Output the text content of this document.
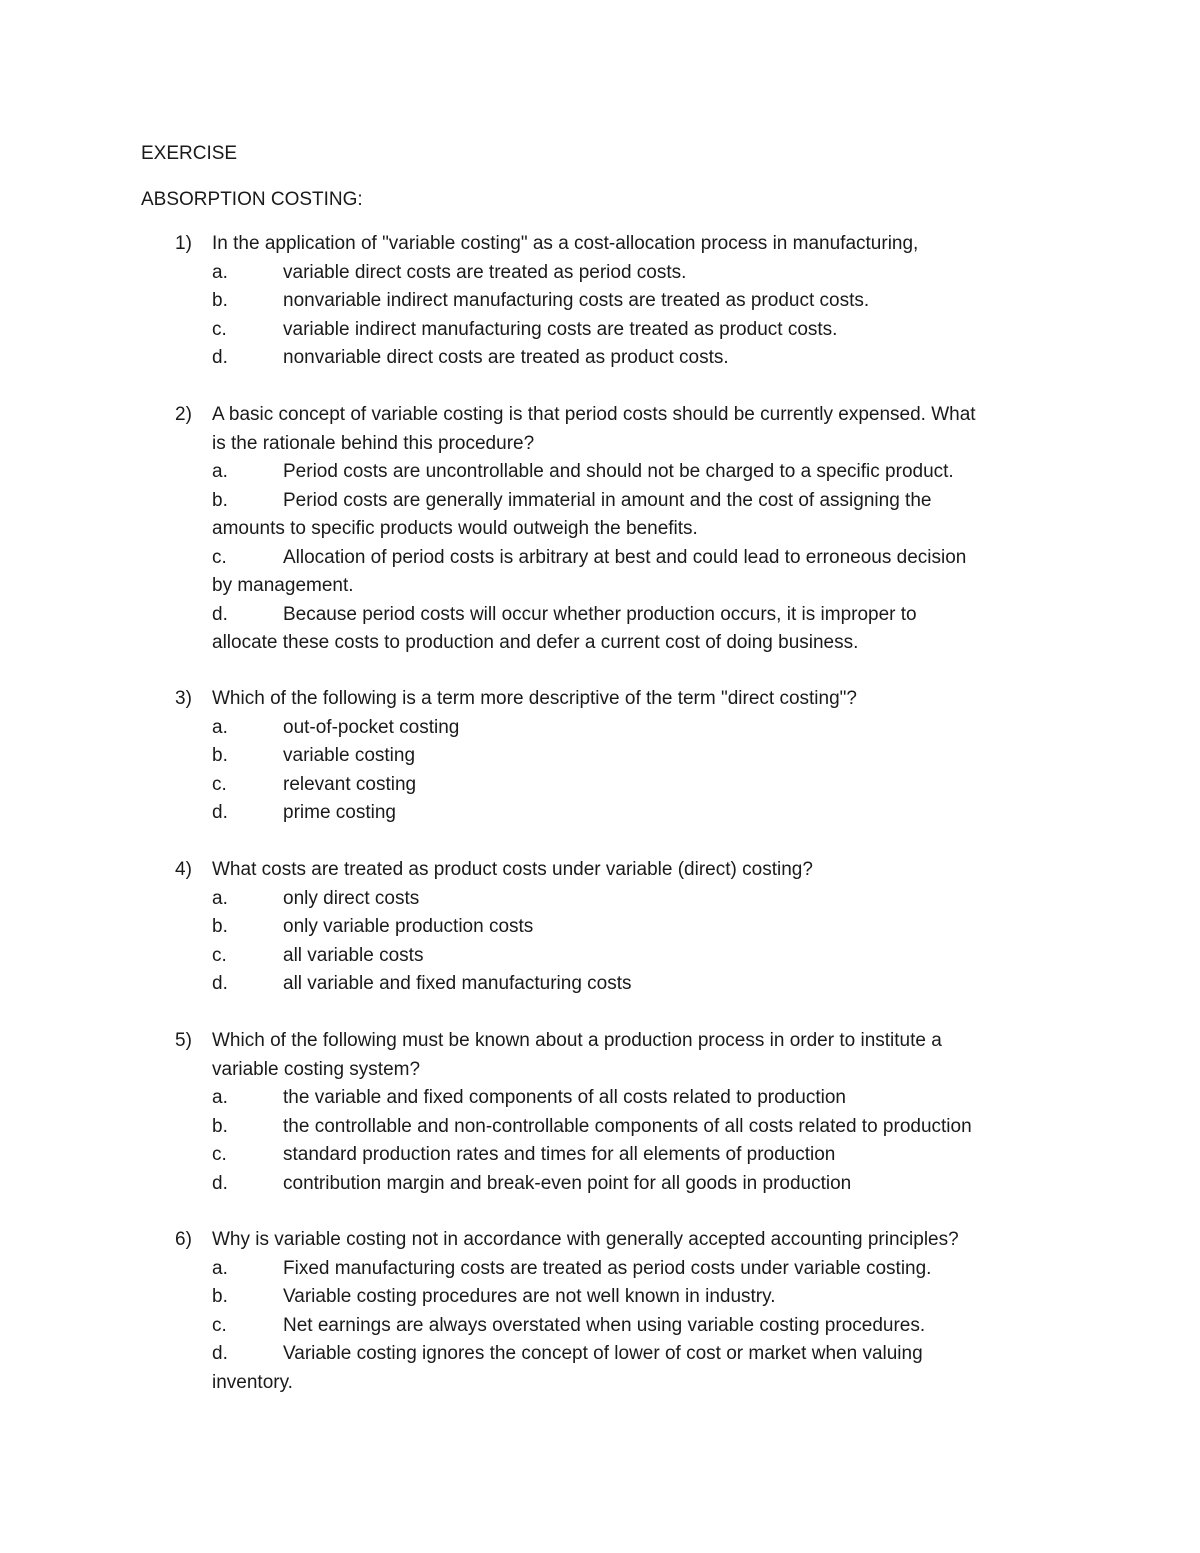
EXERCISE
ABSORPTION COSTING:
1) In the application of "variable costing" as a cost-allocation process in manufacturing,
a.	variable direct costs are treated as period costs.
b.	nonvariable indirect manufacturing costs are treated as product costs.
c.	variable indirect manufacturing costs are treated as product costs.
d.	nonvariable direct costs are treated as product costs.
2) A basic concept of variable costing is that period costs should be currently expensed. What
is the rationale behind this procedure?
a.	Period costs are uncontrollable and should not be charged to a specific product.
b.	Period costs are generally immaterial in amount and the cost of assigning the
amounts to specific products would outweigh the benefits.
c.	Allocation of period costs is arbitrary at best and could lead to erroneous decision
by management.
d.	Because period costs will occur whether production occurs, it is improper to
allocate these costs to production and defer a current cost of doing business.
3) Which of the following is a term more descriptive of the term "direct costing"?
a.	out-of-pocket costing
b.	variable costing
c.	relevant costing
d.	prime costing
4) What costs are treated as product costs under variable (direct) costing?
a.	only direct costs
b.	only variable production costs
c.	all variable costs
d.	all variable and fixed manufacturing costs
5) Which of the following must be known about a production process in order to institute a
variable costing system?
a.	the variable and fixed components of all costs related to production
b.	the controllable and non-controllable components of all costs related to production
c.	standard production rates and times for all elements of production
d.	contribution margin and break-even point for all goods in production
6) Why is variable costing not in accordance with generally accepted accounting principles?
a.	Fixed manufacturing costs are treated as period costs under variable costing.
b.	Variable costing procedures are not well known in industry.
c.	Net earnings are always overstated when using variable costing procedures.
d.	Variable costing ignores the concept of lower of cost or market when valuing
inventory.
